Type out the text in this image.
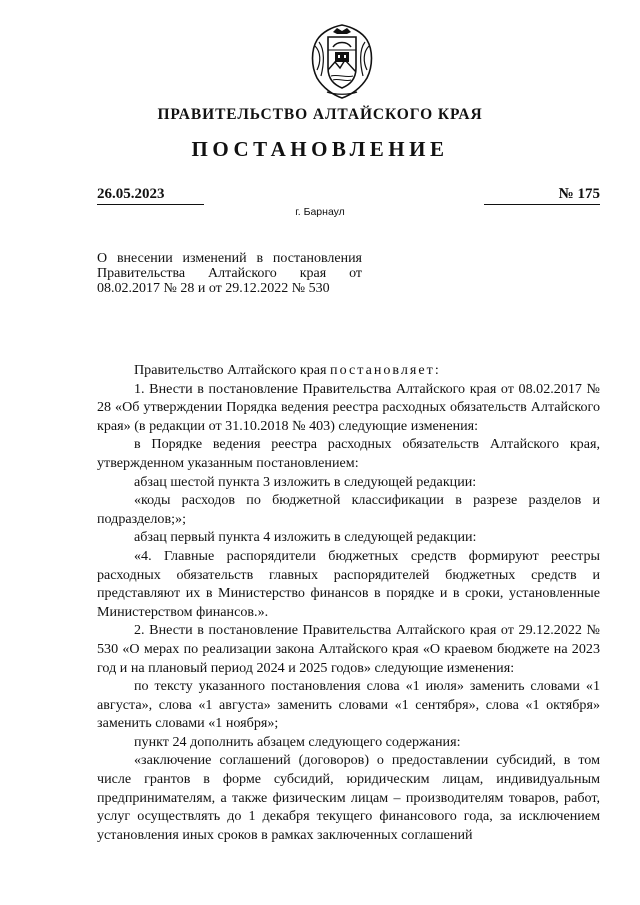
ПРАВИТЕЛЬСТВО АЛТАЙСКОГО КРАЯ
ПОСТАНОВЛЕНИЕ
26.05.2023	№ 175
г. Барнаул
О внесении изменений в постановления Правительства Алтайского края от 08.02.2017 № 28 и от 29.12.2022 № 530

Правительство Алтайского края постановляет:

1. Внести в постановление Правительства Алтайского края от 08.02.2017 № 28 «Об утверждении Порядка ведения реестра расходных обязательств Алтайского края» (в редакции от 31.10.2018 № 403) следующие изменения:

в Порядке ведения реестра расходных обязательств Алтайского края, утвержденном указанным постановлением:

абзац шестой пункта 3 изложить в следующей редакции:

«коды расходов по бюджетной классификации в разрезе разделов и подразделов;»;

абзац первый пункта 4 изложить в следующей редакции:

«4. Главные распорядители бюджетных средств формируют реестры расходных обязательств главных распорядителей бюджетных средств и представляют их в Министерство финансов в порядке и в сроки, установленные Министерством финансов.».

2. Внести в постановление Правительства Алтайского края от 29.12.2022 № 530 «О мерах по реализации закона Алтайского края «О краевом бюджете на 2023 год и на плановый период 2024 и 2025 годов» следующие изменения:

по тексту указанного постановления слова «1 июля» заменить словами «1 августа», слова «1 августа» заменить словами «1 сентября», слова «1 октября» заменить словами «1 ноября»;

пункт 24 дополнить абзацем следующего содержания:

«заключение соглашений (договоров) о предоставлении субсидий, в том числе грантов в форме субсидий, юридическим лицам, индивидуальным предпринимателям, а также физическим лицам – производителям товаров, работ, услуг осуществлять до 1 декабря текущего финансового года, за исключением установления иных сроков в рамках заключенных соглашений
